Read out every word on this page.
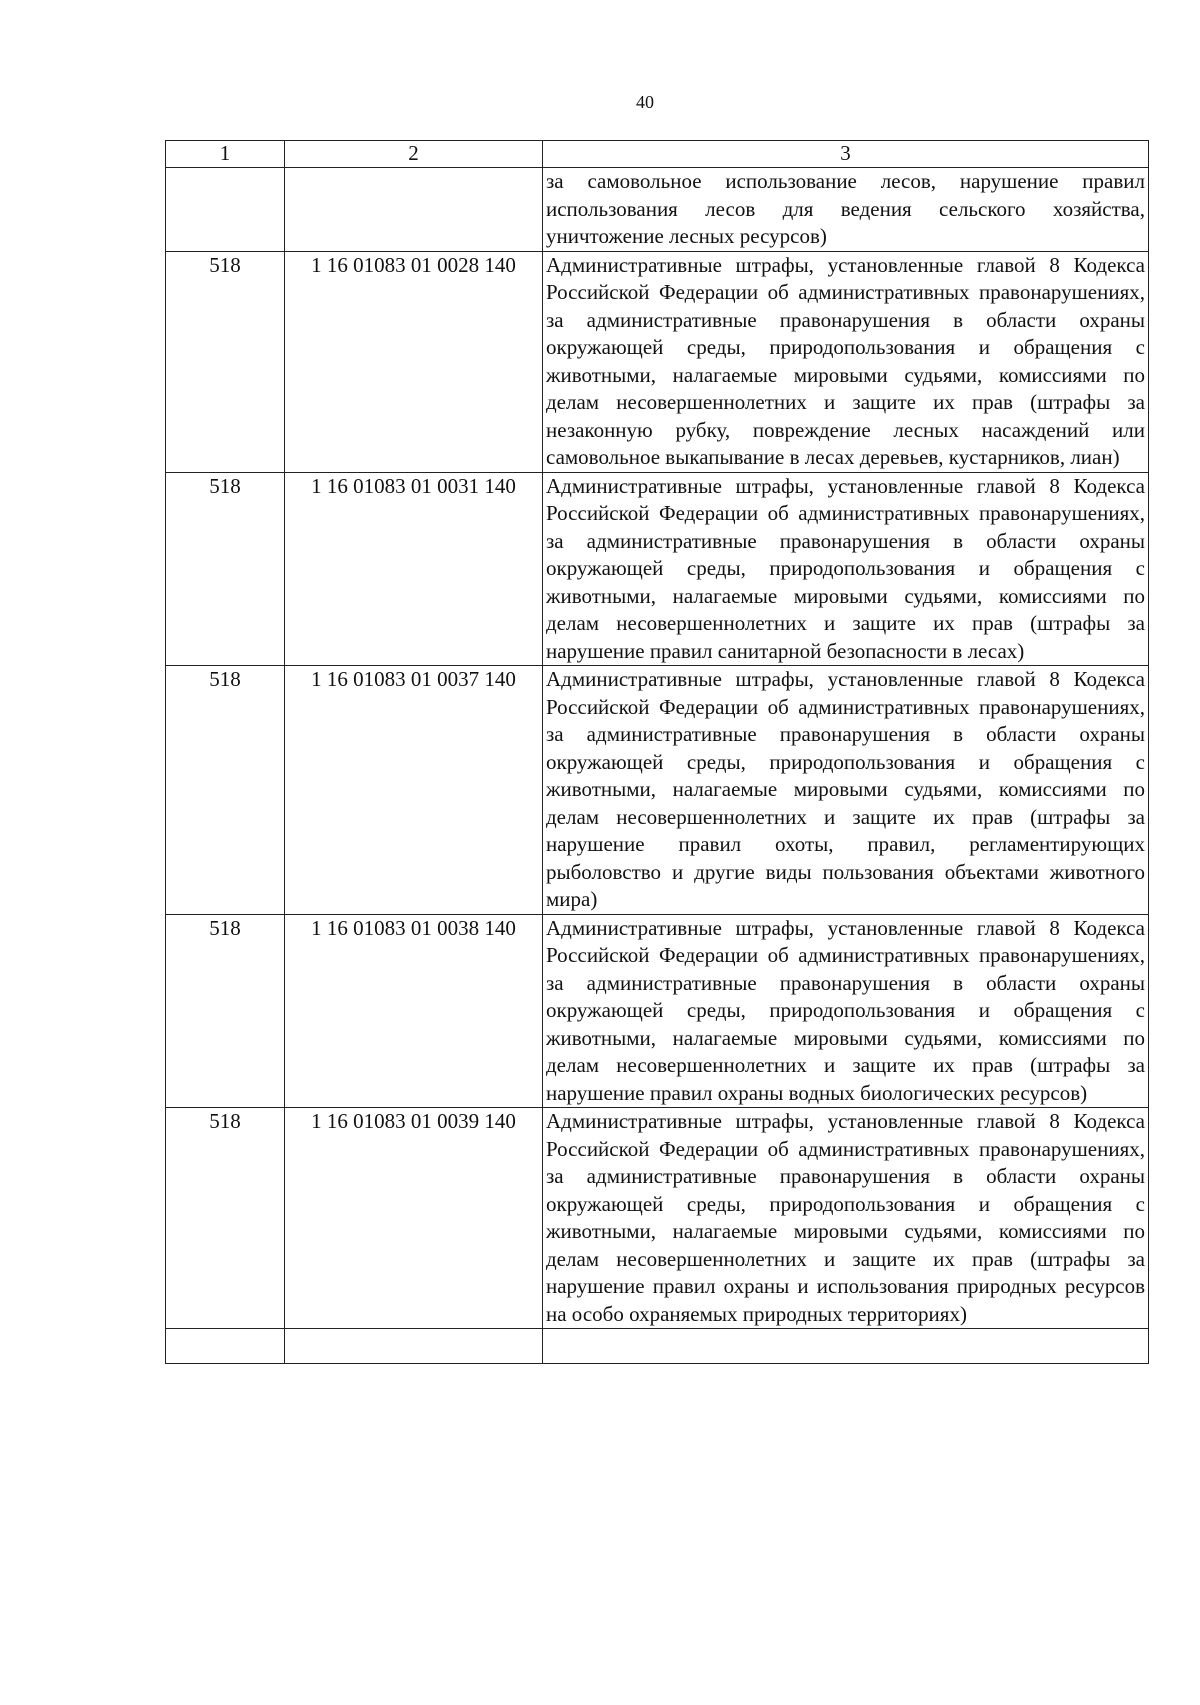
40
1	2	3
		за самовольное использование лесов, нарушение правил использования лесов для ведения сельского хозяйства, уничтожение лесных ресурсов)
518	1 16 01083 01 0028 140	Административные штрафы, установленные главой 8 Кодекса Российской Федерации об административных правонарушениях, за административные правонарушения в области охраны окружающей среды, природопользования и обращения с животными, налагаемые мировыми судьями, комиссиями по делам несовершеннолетних и защите их прав (штрафы за незаконную рубку, повреждение лесных насаждений или самовольное выкапывание в лесах деревьев, кустарников, лиан)
518	1 16 01083 01 0031 140	Административные штрафы, установленные главой 8 Кодекса Российской Федерации об административных правонарушениях, за административные правонарушения в области охраны окружающей среды, природопользования и обращения с животными, налагаемые мировыми судьями, комиссиями по делам несовершеннолетних и защите их прав (штрафы за нарушение правил санитарной безопасности в лесах)
518	1 16 01083 01 0037 140	Административные штрафы, установленные главой 8 Кодекса Российской Федерации об административных правонарушениях, за административные правонарушения в области охраны окружающей среды, природопользования и обращения с животными, налагаемые мировыми судьями, комиссиями по делам несовершеннолетних и защите их прав (штрафы за нарушение правил охоты, правил, регламентирующих рыболовство и другие виды пользования объектами животного мира)
518	1 16 01083 01 0038 140	Административные штрафы, установленные главой 8 Кодекса Российской Федерации об административных правонарушениях, за административные правонарушения в области охраны окружающей среды, природопользования и обращения с животными, налагаемые мировыми судьями, комиссиями по делам несовершеннолетних и защите их прав (штрафы за нарушение правил охраны водных биологических ресурсов)
518	1 16 01083 01 0039 140	Административные штрафы, установленные главой 8 Кодекса Российской Федерации об административных правонарушениях, за административные правонарушения в области охраны окружающей среды, природопользования и обращения с животными, налагаемые мировыми судьями, комиссиями по делам несовершеннолетних и защите их прав (штрафы за нарушение правил охраны и использования природных ресурсов на особо охраняемых природных территориях)
